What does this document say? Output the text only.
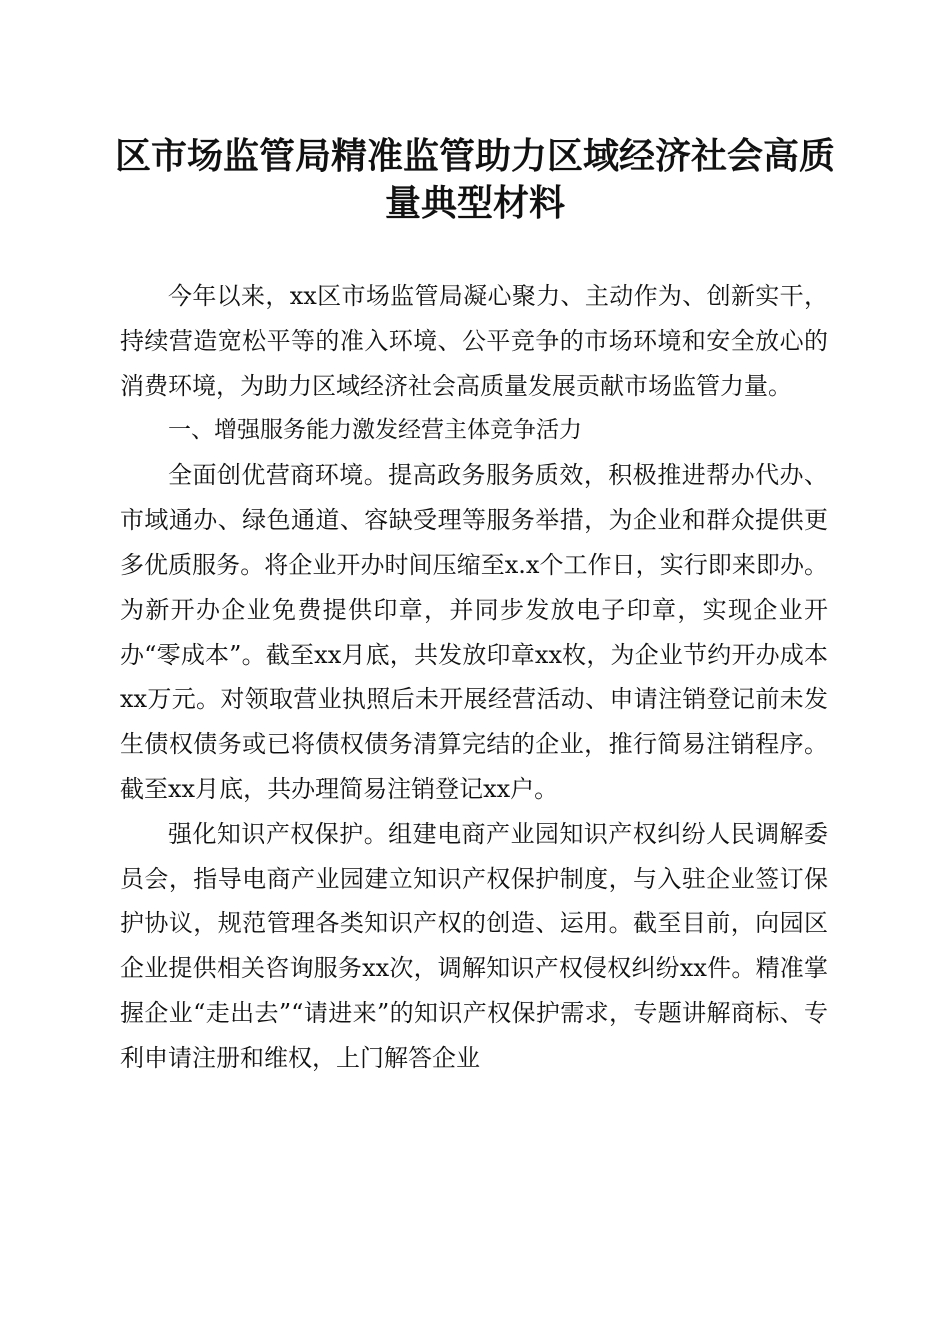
区市场监管局精准监管助力区域经济社会高质
量典型材料

今年以来，xx区市场监管局凝心聚力、主动作为、创新实干，持续营造宽松平等的准入环境、公平竞争的市场环境和安全放心的消费环境，为助力区域经济社会高质量发展贡献市场监管力量。

一、增强服务能力激发经营主体竞争活力

全面创优营商环境。提高政务服务质效，积极推进帮办代办、市域通办、绿色通道、容缺受理等服务举措，为企业和群众提供更多优质服务。将企业开办时间压缩至x.x个工作日，实行即来即办。为新开办企业免费提供印章，并同步发放电子印章，实现企业开办“零成本”。截至xx月底，共发放印章xx枚，为企业节约开办成本xx万元。对领取营业执照后未开展经营活动、申请注销登记前未发生债权债务或已将债权债务清算完结的企业，推行简易注销程序。截至xx月底，共办理简易注销登记xx户。

强化知识产权保护。组建电商产业园知识产权纠纷人民调解委员会，指导电商产业园建立知识产权保护制度，与入驻企业签订保护协议，规范管理各类知识产权的创造、运用。截至目前，向园区企业提供相关咨询服务xx次，调解知识产权侵权纠纷xx件。精准掌握企业“走出去”“请进来”的知识产权保护需求，专题讲解商标、专利申请注册和维权，上门解答企业
